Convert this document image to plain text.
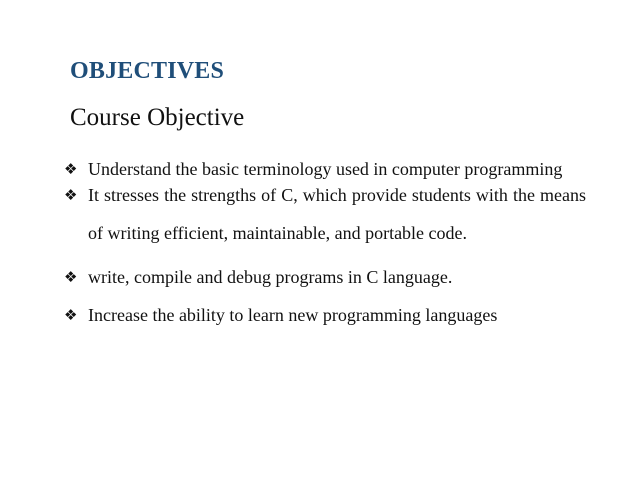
OBJECTIVES
Course Objective
❖ Understand the basic terminology used in computer programming
❖ It stresses the strengths of C, which provide students with the means of writing efficient, maintainable, and portable code.
❖ write, compile and debug programs in C language.
❖ Increase the ability to learn new programming languages
